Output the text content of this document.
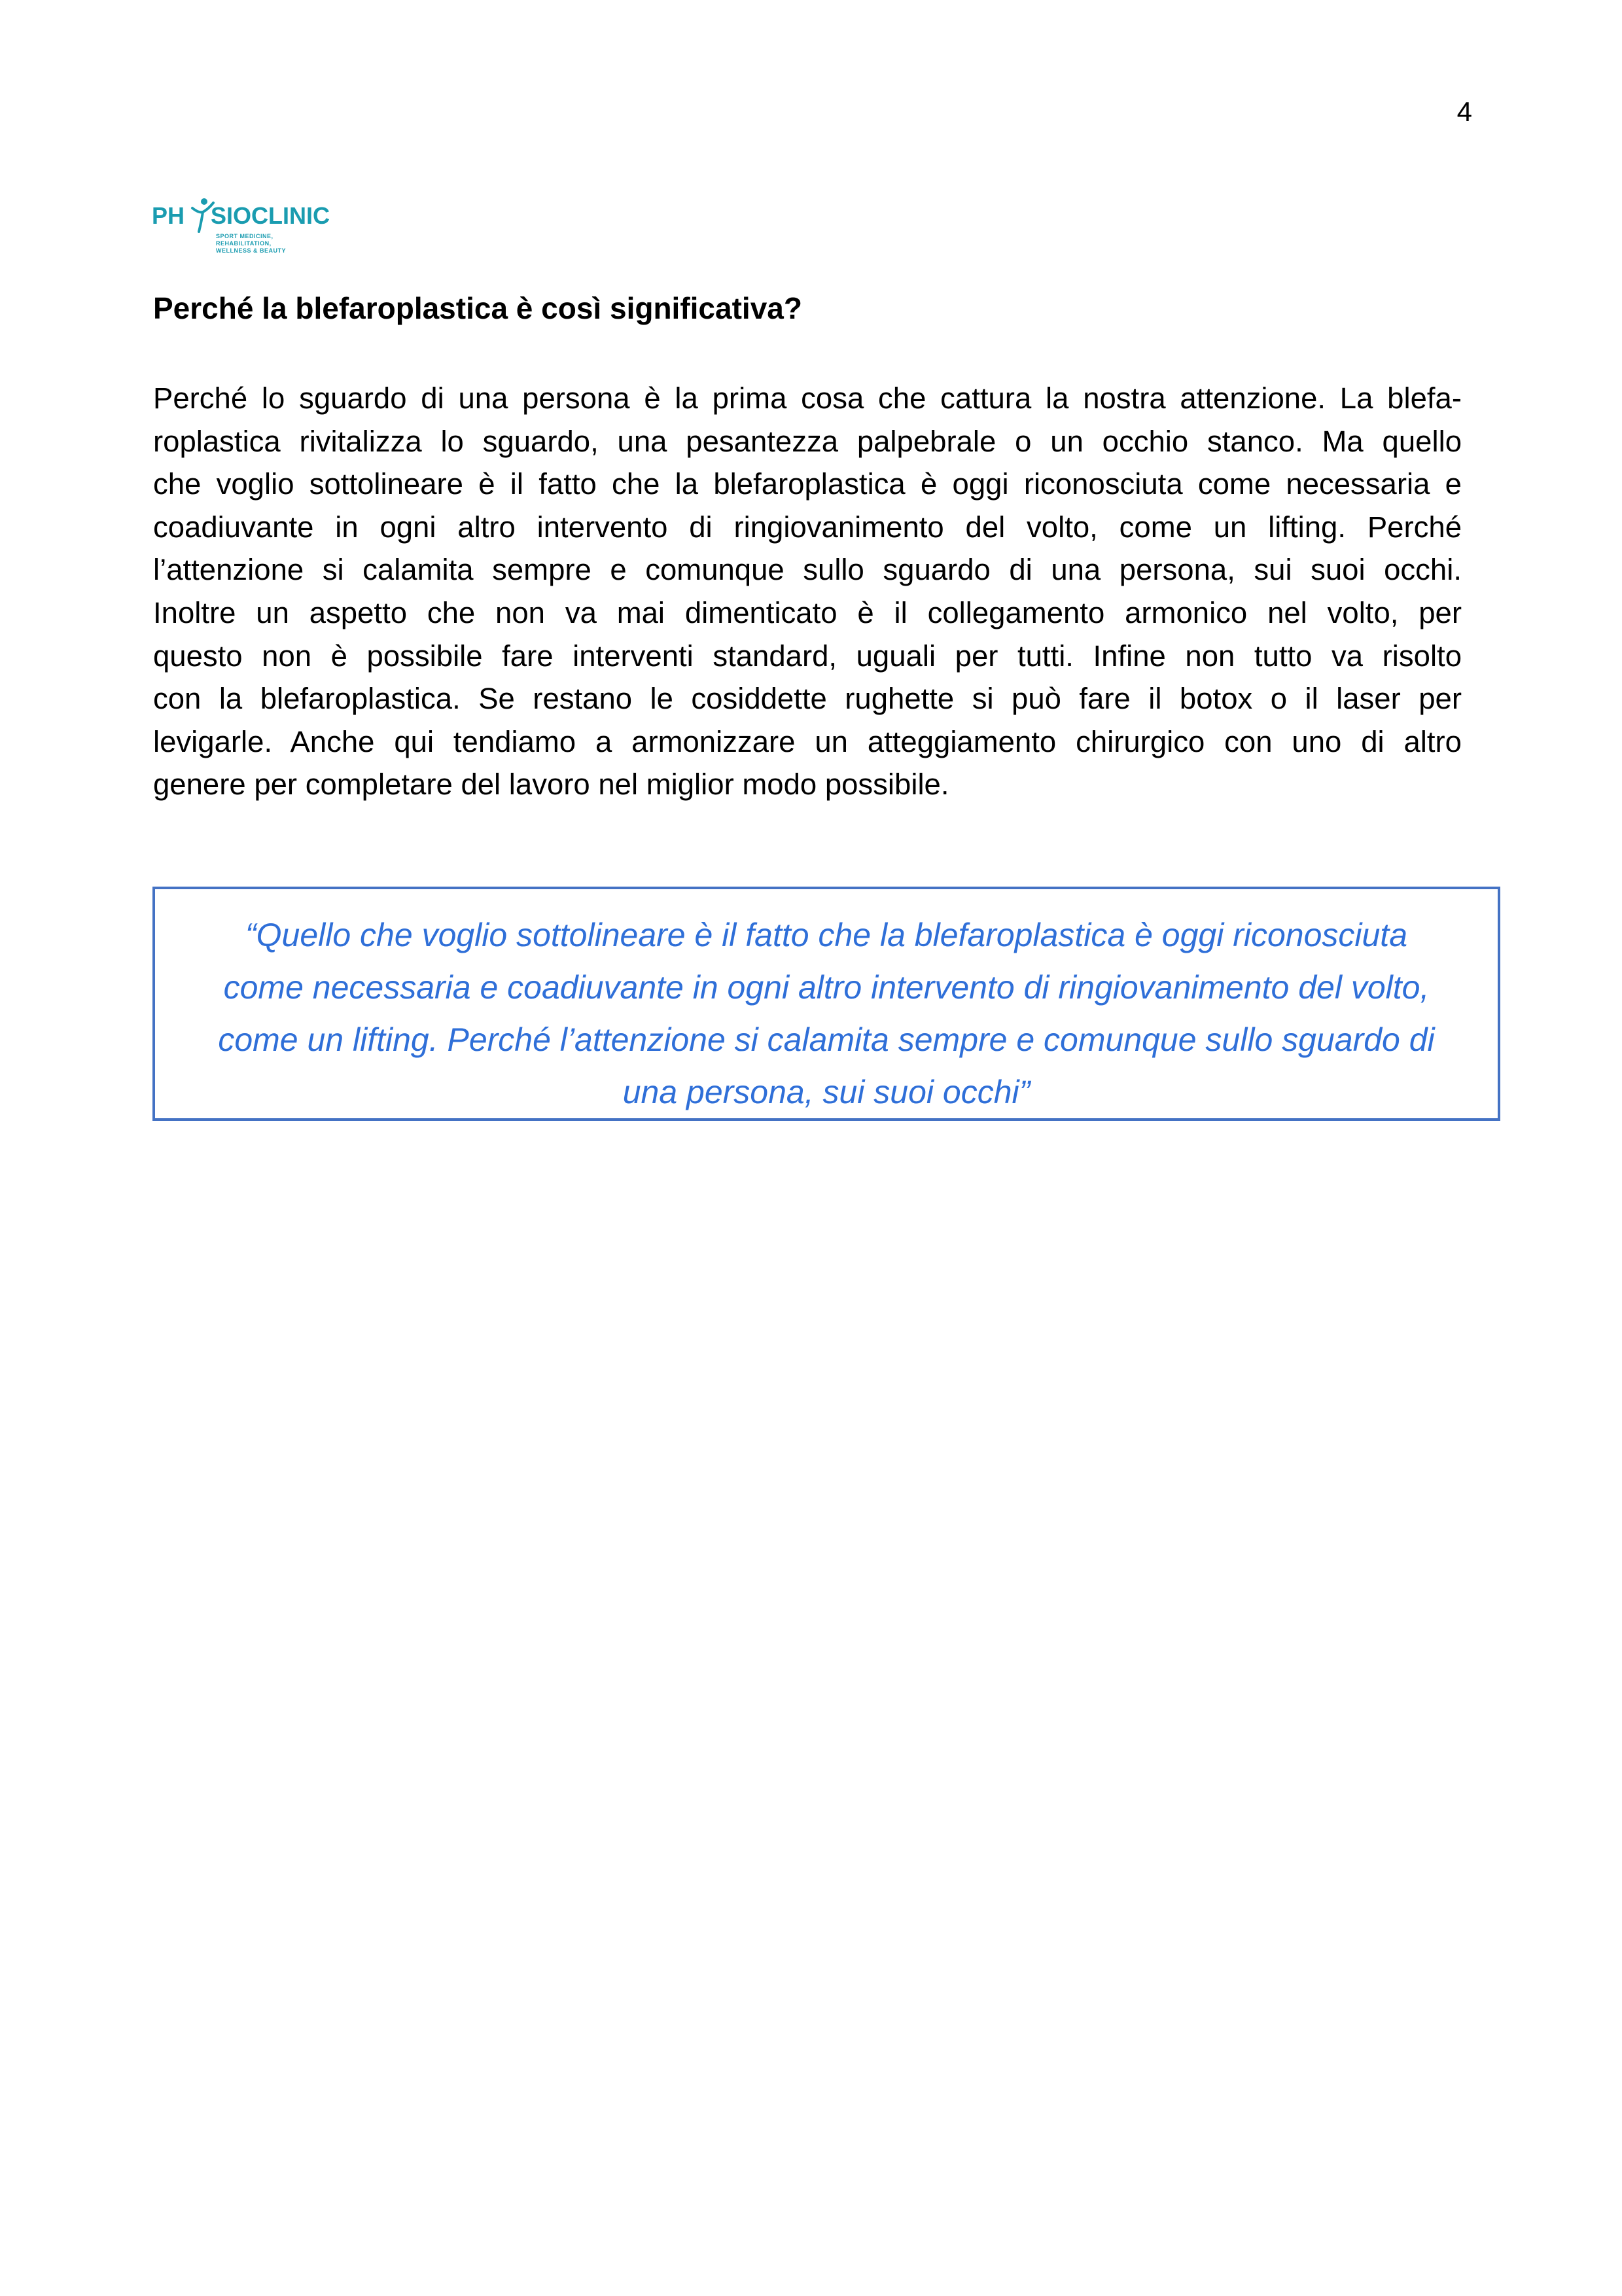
4
PH SIOCLINIC
SPORT MEDICINE, REHABILITATION,
WELLNESS & BEAUTY
Perché la blefaroplastica è così significativa?
Perché lo sguardo di una persona è la prima cosa che cattura la nostra attenzione. La blefa-
roplastica rivitalizza lo sguardo, una pesantezza palpebrale o un occhio stanco. Ma quello
che voglio sottolineare è il fatto che la blefaroplastica è oggi riconosciuta come necessaria e
coadiuvante in ogni altro intervento di ringiovanimento del volto, come un lifting. Perché
l’attenzione si calamita sempre e comunque sullo sguardo di una persona, sui suoi occhi.
Inoltre un aspetto che non va mai dimenticato è il collegamento armonico nel volto, per
questo non è possibile fare interventi standard, uguali per tutti. Infine non tutto va risolto
con la blefaroplastica. Se restano le cosiddette rughette si può fare il botox o il laser per
levigarle. Anche qui tendiamo a armonizzare un atteggiamento chirurgico con uno di altro
genere per completare del lavoro nel miglior modo possibile.
“Quello che voglio sottolineare è il fatto che la blefaroplastica è oggi riconosciuta
come necessaria e coadiuvante in ogni altro intervento di ringiovanimento del volto,
come un lifting. Perché l’attenzione si calamita sempre e comunque sullo sguardo di
una persona, sui suoi occhi”
